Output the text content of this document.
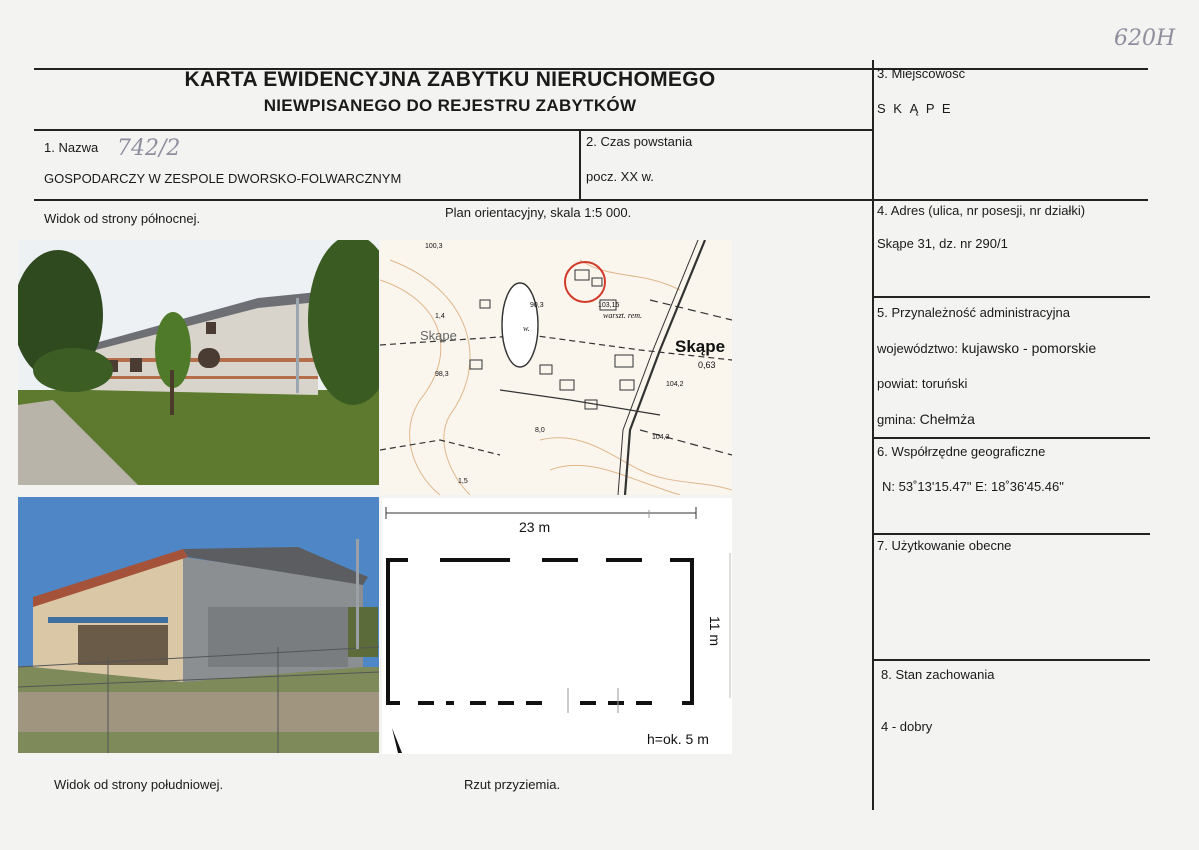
620H
KARTA EWIDENCYJNA ZABYTKU NIERUCHOMEGO
NIEWPISANEGO DO REJESTRU ZABYTKÓW
3. Miejscowość
S K Ą P E
1. Nazwa 742/2
GOSPODARCZY W ZESPOLE DWORSKO-FOLWARCZNYM
2. Czas powstania
pocz. XX w.
Widok od strony północnej.	Plan orientacyjny, skala 1:5 000.
Widok od strony południowej.	Rzut przyziemia.
4. Adres (ulica, nr posesji, nr działki)
Skąpe 31, dz. nr 290/1
5. Przynależność administracyjna
województwo: kujawsko - pomorskie
powiat: toruński
gmina: Chełmża
6. Współrzędne geograficzne
N: 53˚13'15.47" E: 18˚36'45.46"
7. Użytkowanie obecne
8. Stan zachowania
4 - dobry
Skąpe
Skąpe
0,63
warszt. rem.
w.
100,3
90,3	103,15
104,2
104,3
98,3
1,5
8,0
1,4
23 m
11 m
h=ok. 5 m
